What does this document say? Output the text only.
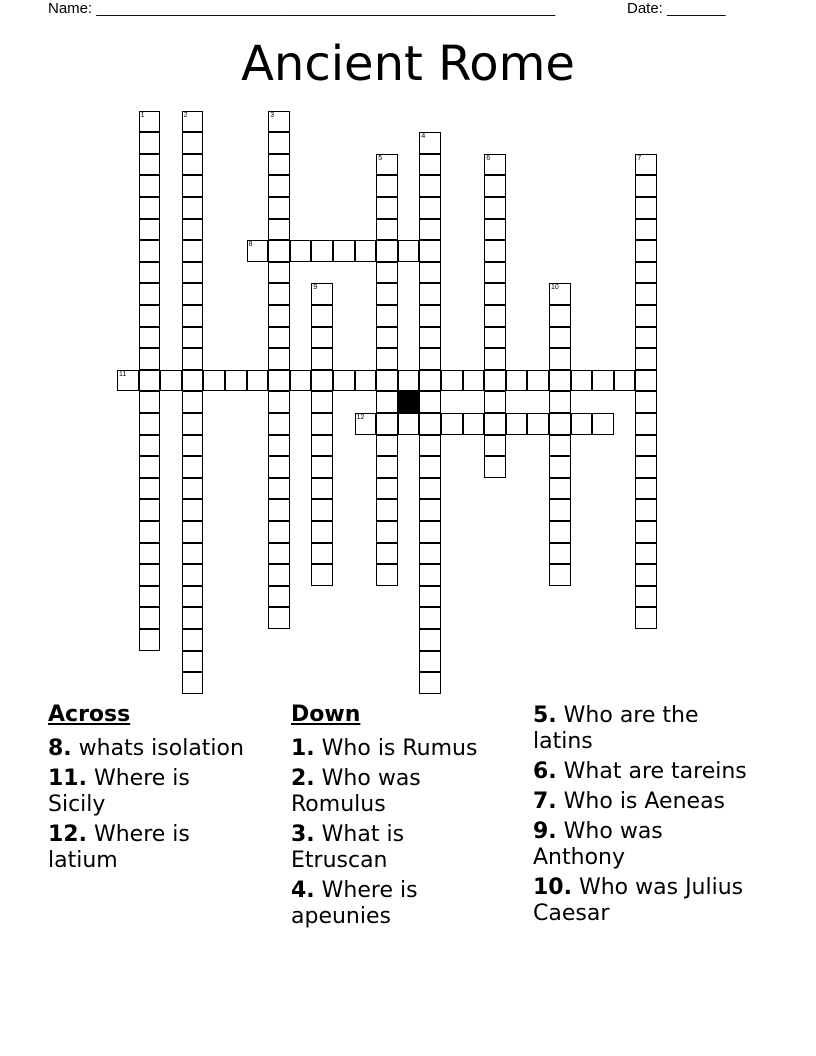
Name: _______________________________________________________	Date: _______
Ancient Rome
1	2	3
4
5	6	7
8
9	10
11
12
Across
8. whats isolation
11. Where is Sicily
12. Where is latium
Down
1. Who is Rumus
2. Who was Romulus
3. What is Etruscan
4. Where is apeunies
5. Who are the latins
6. What are tareins
7. Who is Aeneas
9. Who was Anthony
10. Who was Julius Caesar
